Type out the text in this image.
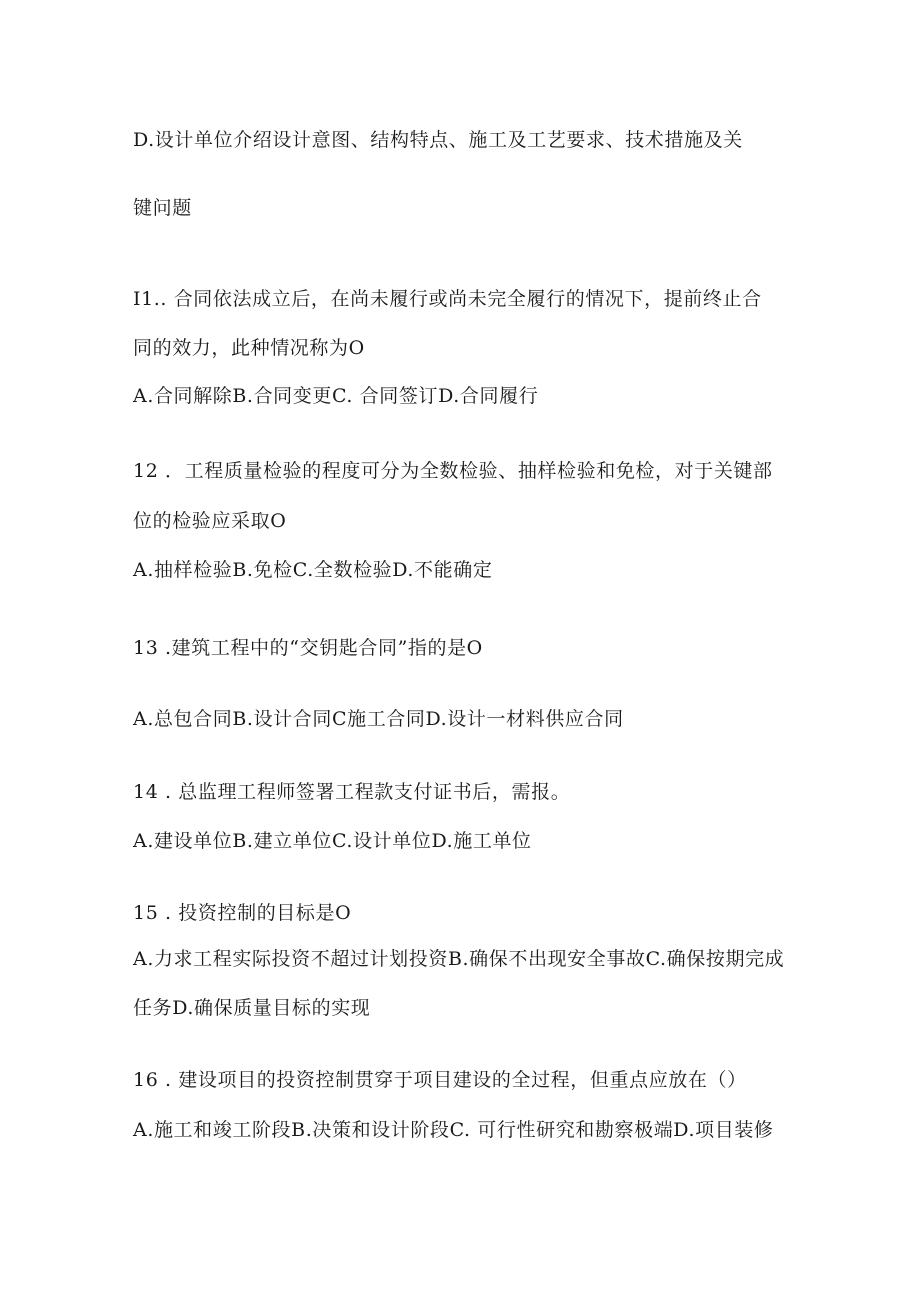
D.设计单位介绍设计意图、结构特点、施工及工艺要求、技术措施及关
键问题
I1.. 合同依法成立后，在尚未履行或尚未完全履行的情况下，提前终止合
同的效力，此种情况称为O
A.合同解除B.合同变更C. 合同签订D.合同履行
12 ．工程质量检验的程度可分为全数检验、抽样检验和免检，对于关键部
位的检验应采取O
A.抽样检验B.免检C.全数检验D.不能确定
13 .建筑工程中的“交钥匙合同”指的是O
A.总包合同B.设计合同C施工合同D.设计一材料供应合同
14 . 总监理工程师签署工程款支付证书后，需报。
A.建设单位B.建立单位C.设计单位D.施工单位
15 . 投资控制的目标是O
A.力求工程实际投资不超过计划投资B.确保不出现安全事故C.确保按期完成
任务D.确保质量目标的实现
16 . 建设项目的投资控制贯穿于项目建设的全过程，但重点应放在（）
A.施工和竣工阶段B.决策和设计阶段C. 可行性研究和勘察极端D.项目装修
